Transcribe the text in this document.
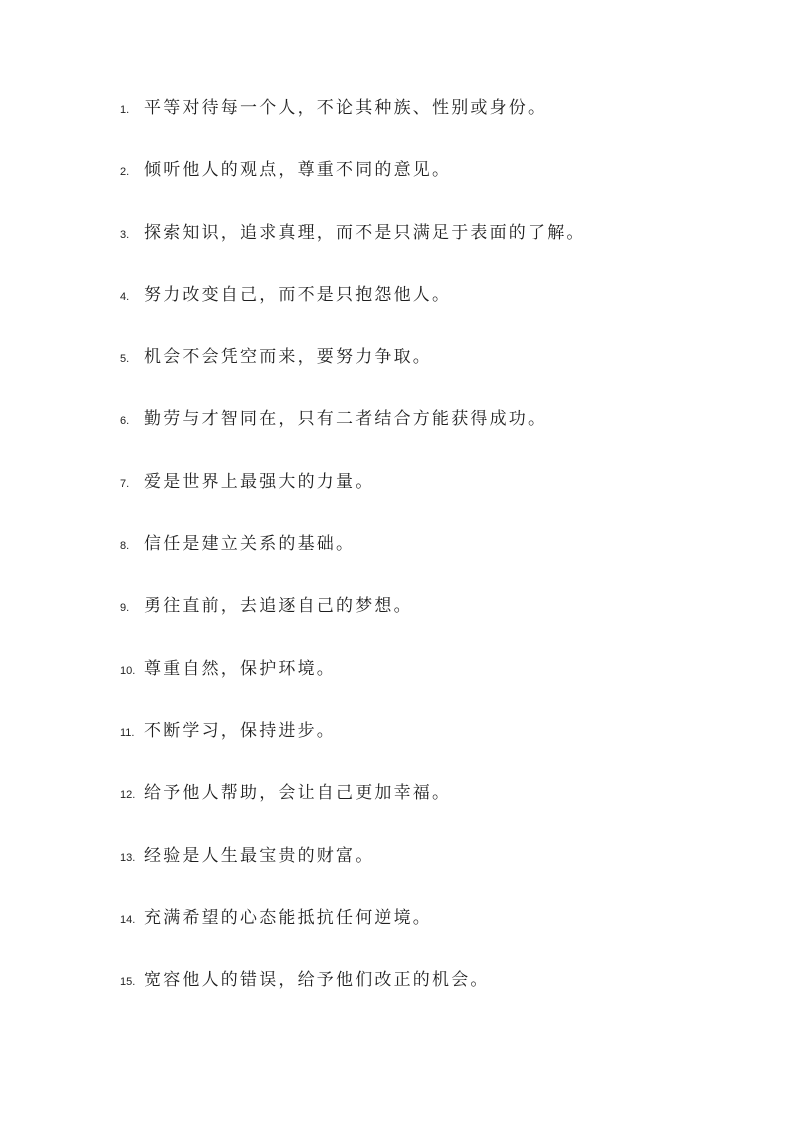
1. 平等对待每一个人，不论其种族、性别或身份。
2. 倾听他人的观点，尊重不同的意见。
3. 探索知识，追求真理，而不是只满足于表面的了解。
4. 努力改变自己，而不是只抱怨他人。
5. 机会不会凭空而来，要努力争取。
6. 勤劳与才智同在，只有二者结合方能获得成功。
7. 爱是世界上最强大的力量。
8. 信任是建立关系的基础。
9. 勇往直前，去追逐自己的梦想。
10. 尊重自然，保护环境。
11. 不断学习，保持进步。
12. 给予他人帮助，会让自己更加幸福。
13. 经验是人生最宝贵的财富。
14. 充满希望的心态能抵抗任何逆境。
15. 宽容他人的错误，给予他们改正的机会。
